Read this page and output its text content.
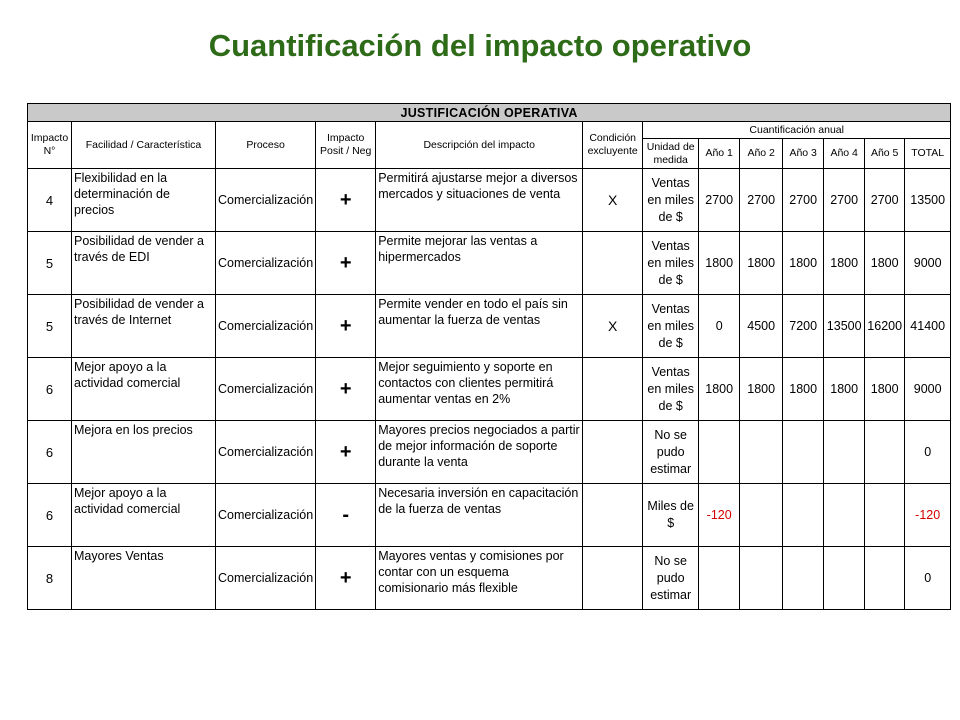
Cuantificación del impacto operativo
JUSTIFICACIÓN OPERATIVA												
Impacto N°	Facilidad / Característica	Proceso	Impacto Posit / Neg	Descripción del impacto	Condición excluyente	Cuantificación anual						
						Unidad de medida	Año 1	Año 2	Año 3	Año 4	Año 5	TOTAL
4	Flexibilidad en la determinación de precios	Comercialización	+	Permitirá ajustarse mejor a diversos mercados y situaciones de venta	X	Ventas en miles de $	2700	2700	2700	2700	2700	13500
5	Posibilidad de vender a través de EDI	Comercialización	+	Permite mejorar las ventas a hipermercados		Ventas en miles de $	1800	1800	1800	1800	1800	9000
5	Posibilidad de vender a través de Internet	Comercialización	+	Permite vender en todo el país sin aumentar la fuerza de ventas	X	Ventas en miles de $	0	4500	7200	13500	16200	41400
6	Mejor apoyo a la actividad comercial	Comercialización	+	Mejor seguimiento y soporte en contactos con clientes permitirá aumentar ventas en 2%		Ventas en miles de $	1800	1800	1800	1800	1800	9000
6	Mejora en los precios	Comercialización	+	Mayores precios negociados a partir de mejor información de soporte durante la venta		No se pudo estimar						0
6	Mejor apoyo a la actividad comercial	Comercialización	-	Necesaria inversión en capacitación de la fuerza de ventas		Miles de $	-120					-120
8	Mayores Ventas	Comercialización	+	Mayores ventas y comisiones por contar con un esquema comisionario más flexible		No se pudo estimar						0
